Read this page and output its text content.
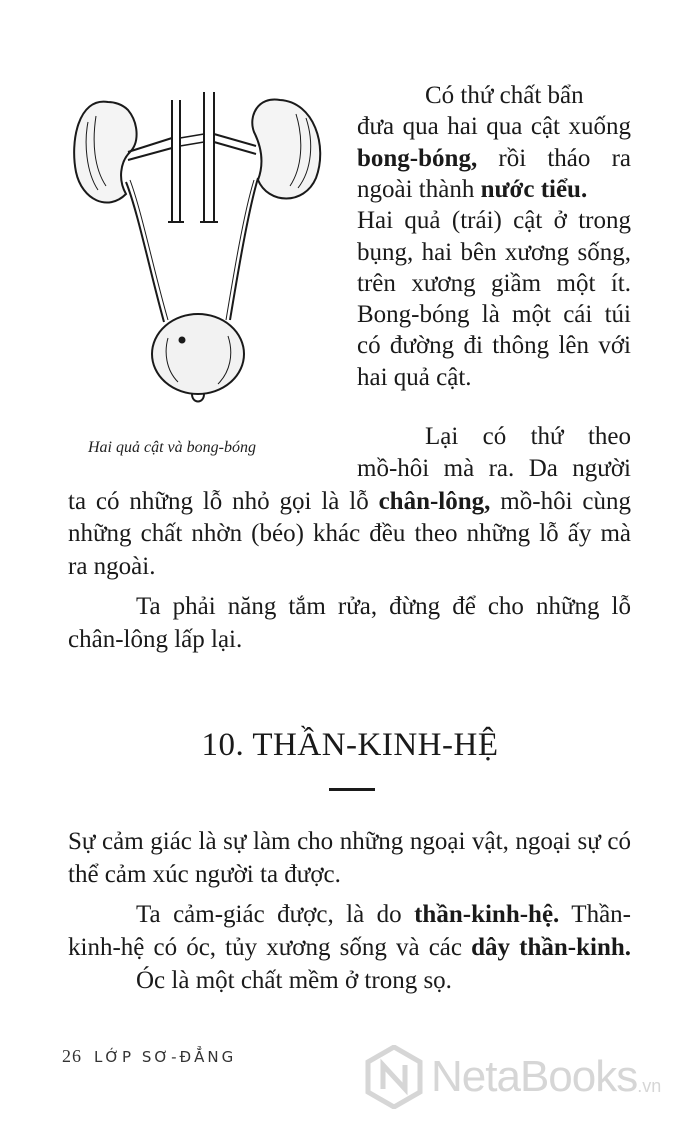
Hai quả cật và bong-bóng
Có thứ chất bẩn
đưa qua hai qua cật xuống
bong-bóng, rồi tháo ra
ngoài thành nước tiểu.
Hai quả (trái) cật ở trong
bụng, hai bên xương sống,
trên xương giầm một ít.
Bong-bóng là một cái túi
có đường đi thông lên với
hai quả cật.
Lại có thứ theo
mồ-hôi mà ra. Da người
ta có những lỗ nhỏ gọi là lỗ chân-lông, mồ-hôi cùng
những chất nhờn (béo) khác đều theo những lỗ ấy mà
ra ngoài.
Ta phải năng tắm rửa, đừng để cho những lỗ
chân-lông lấp lại.
10. THẦN-KINH-HỆ
Sự cảm giác là sự làm cho những ngoại vật, ngoại sự có
thể cảm xúc người ta được.
Ta cảm-giác được, là do thần-kinh-hệ. Thần-
kinh-hệ có óc, tủy xương sống và các dây thần-kinh.
Óc là một chất mềm ở trong sọ.
26 LỚP SƠ-ĐẲNG	NetaBooks .vn
